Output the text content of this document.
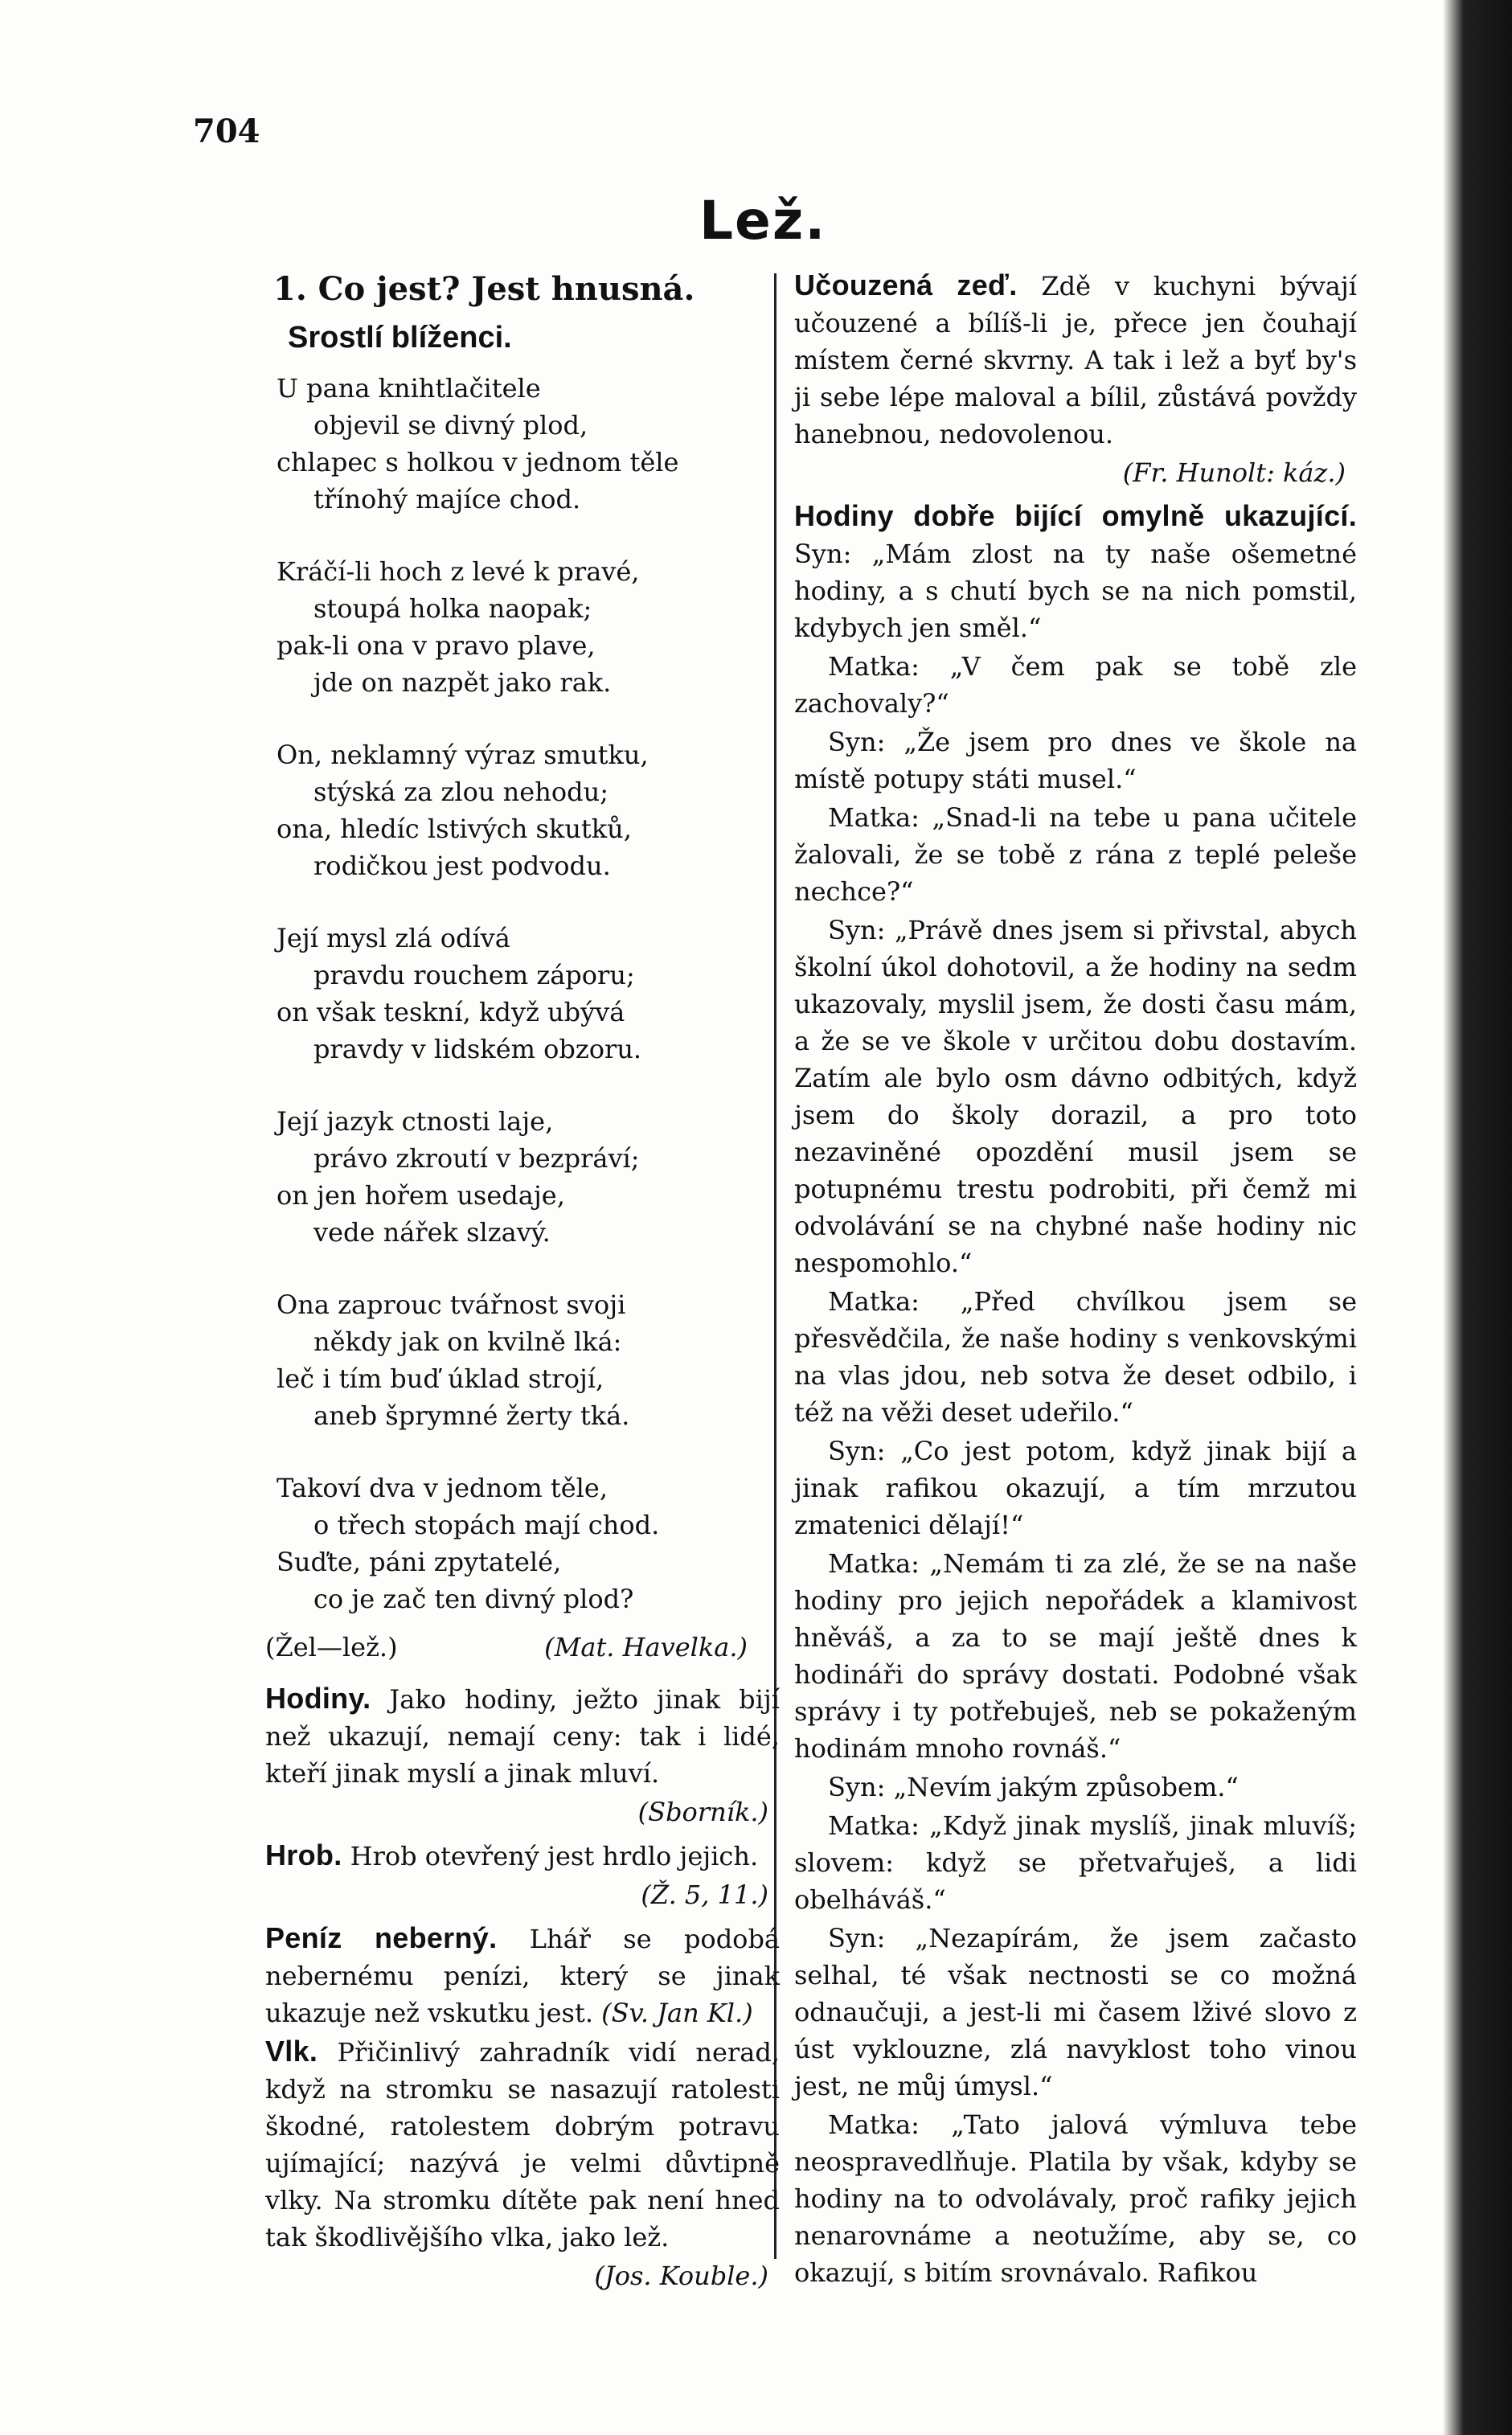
704
Lež.
1. Co jest? Jest hnusná.
Srostlí blíženci.
U pana knihtlačitele
objevil se divný plod,
chlapec s holkou v jednom těle
třínohý majíce chod.
Kráčí-li hoch z levé k pravé,
stoupá holka naopak;
pak-li ona v pravo plave,
jde on nazpět jako rak.
On, neklamný výraz smutku,
stýská za zlou nehodu;
ona, hledíc lstivých skutků,
rodičkou jest podvodu.
Její mysl zlá odívá
pravdu rouchem záporu;
on však teskní, když ubývá
pravdy v lidském obzoru.
Její jazyk ctnosti laje,
právo zkroutí v bezpráví;
on jen hořem usedaje,
vede nářek slzavý.
Ona zaprouc tvářnost svoji
někdy jak on kvilně lká:
leč i tím buď úklad strojí,
aneb šprymné žerty tká.
Takoví dva v jednom těle,
o třech stopách mají chod.
Suďte, páni zpytatelé,
co je zač ten divný plod?
(Žel—lež.)	(Mat. Havelka.)

Hodiny. Jako hodiny, ježto jinak bijí než ukazují, nemají ceny: tak i lidé, kteří jinak myslí a jinak mluví.

(Sborník.)

Hrob. Hrob otevřený jest hrdlo jejich.

(Ž. 5, 11.)

Peníz neberný. Lhář se podobá nebernému penízi, který se jinak ukazuje než vskutku jest. (Sv. Jan Kl.)

Vlk. Přičinlivý zahradník vidí nerad, když na stromku se nasazují ratolesti škodné, ratolestem dobrým potravu ujímající; nazývá je velmi důvtipně vlky. Na stromku dítěte pak není hned tak škodlivějšího vlka, jako lež.

(Jos. Kouble.)

Učouzená zeď. Zdě v kuchyni bývají učouzené a bílíš-li je, přece jen čouhají místem černé skvrny. A tak i lež a byť by's ji sebe lépe maloval a bílil, zůstává povždy hanebnou, nedovolenou.

(Fr. Hunolt: káz.)

Hodiny dobře bijící omylně ukazující. Syn: „Mám zlost na ty naše ošemetné hodiny, a s chutí bych se na nich pomstil, kdybych jen směl.“

Matka: „V čem pak se tobě zle zachovaly?“

Syn: „Že jsem pro dnes ve škole na místě potupy státi musel.“

Matka: „Snad-li na tebe u pana učitele žalovali, že se tobě z rána z teplé peleše nechce?“

Syn: „Právě dnes jsem si přivstal, abych školní úkol dohotovil, a že hodiny na sedm ukazovaly, myslil jsem, že dosti času mám, a že se ve škole v určitou dobu dostavím. Zatím ale bylo osm dávno odbitých, když jsem do školy dorazil, a pro toto nezaviněné opozdění musil jsem se potupnému trestu podrobiti, při čemž mi odvolávání se na chybné naše hodiny nic nespomohlo.“

Matka: „Před chvílkou jsem se přesvědčila, že naše hodiny s venkovskými na vlas jdou, neb sotva že deset odbilo, i též na věži deset udeřilo.“

Syn: „Co jest potom, když jinak bijí a jinak rafikou okazují, a tím mrzutou zmatenici dělají!“

Matka: „Nemám ti za zlé, že se na naše hodiny pro jejich nepořádek a klamivost hněváš, a za to se mají ještě dnes k hodináři do správy dostati. Podobné však správy i ty potřebuješ, neb se pokaženým hodinám mnoho rovnáš.“

Syn: „Nevím jakým způsobem.“

Matka: „Když jinak myslíš, jinak mluvíš; slovem: když se přetvařuješ, a lidi obelháváš.“

Syn: „Nezapírám, že jsem začasto selhal, té však nectnosti se co možná odnaučuji, a jest-li mi časem lživé slovo z úst vyklouzne, zlá navyklost toho vinou jest, ne můj úmysl.“

Matka: „Tato jalová výmluva tebe neospravedlňuje. Platila by však, kdyby se hodiny na to odvolávaly, proč rafiky jejich nenarovnáme a neotužíme, aby se, co okazují, s bitím srovnávalo. Rafikou
